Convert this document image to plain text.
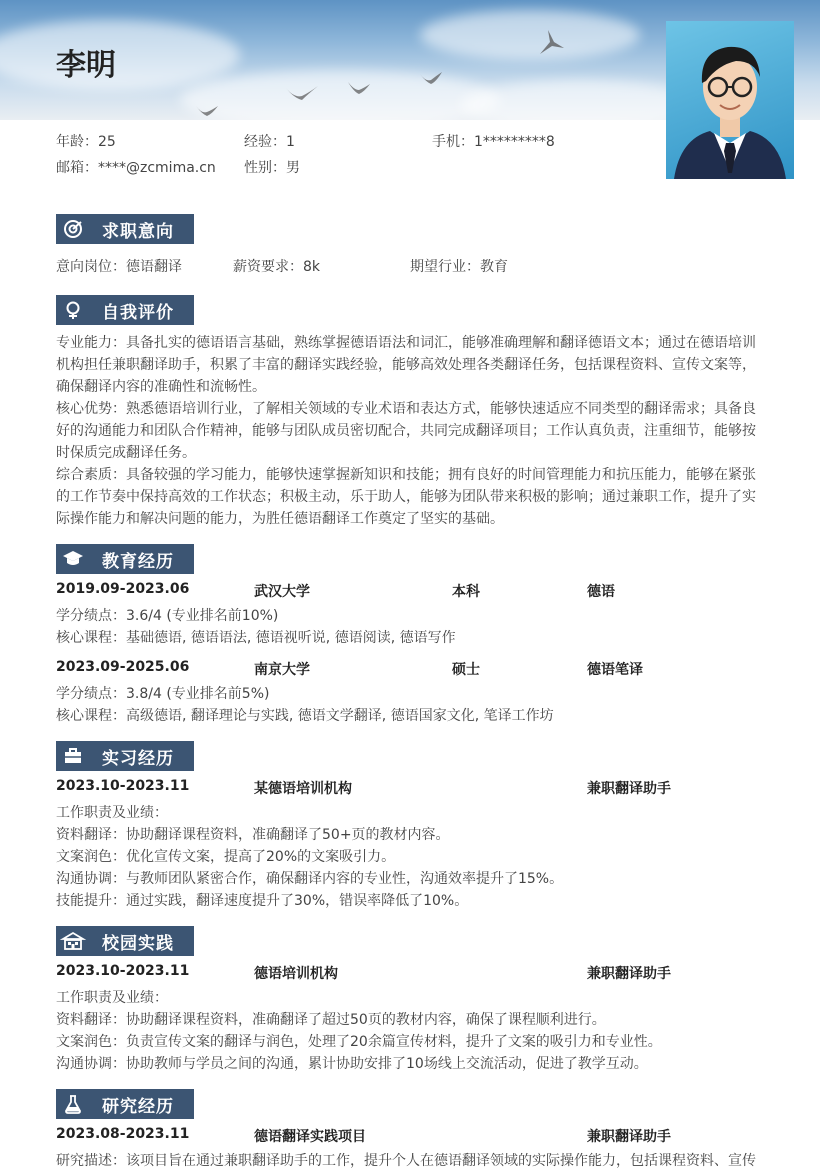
李明
年龄：25	经验：1	手机：1*********8
邮箱：****@zcmima.cn 性别：男
求职意向
意向岗位：德语翻译	薪资要求：8k	期望行业：教育
自我评价
专业能力：具备扎实的德语语言基础，熟练掌握德语语法和词汇，能够准确理解和翻译德语文本；通过在德语培训机构担任兼职翻译助手，积累了丰富的翻译实践经验，能够高效处理各类翻译任务，包括课程资料、宣传文案等，确保翻译内容的准确性和流畅性。
核心优势：熟悉德语培训行业，了解相关领域的专业术语和表达方式，能够快速适应不同类型的翻译需求；具备良好的沟通能力和团队合作精神，能够与团队成员密切配合，共同完成翻译项目；工作认真负责，注重细节，能够按时保质完成翻译任务。
综合素质：具备较强的学习能力，能够快速掌握新知识和技能；拥有良好的时间管理能力和抗压能力，能够在紧张的工作节奏中保持高效的工作状态；积极主动，乐于助人，能够为团队带来积极的影响；通过兼职工作，提升了实际操作能力和解决问题的能力，为胜任德语翻译工作奠定了坚实的基础。
教育经历
2019.09-2023.06	武汉大学	本科	德语
学分绩点：3.6/4 (专业排名前10%)
核心课程：基础德语, 德语语法, 德语视听说, 德语阅读, 德语写作
2023.09-2025.06	南京大学	硕士	德语笔译
学分绩点：3.8/4 (专业排名前5%)
核心课程：高级德语, 翻译理论与实践, 德语文学翻译, 德语国家文化, 笔译工作坊
实习经历
2023.10-2023.11	某德语培训机构	兼职翻译助手
工作职责及业绩：
资料翻译：协助翻译课程资料，准确翻译了50+页的教材内容。
文案润色：优化宣传文案，提高了20%的文案吸引力。
沟通协调：与教师团队紧密合作，确保翻译内容的专业性，沟通效率提升了15%。
技能提升：通过实践，翻译速度提升了30%，错误率降低了10%。
校园实践
2023.10-2023.11	德语培训机构	兼职翻译助手
工作职责及业绩：
资料翻译：协助翻译课程资料，准确翻译了超过50页的教材内容，确保了课程顺利进行。
文案润色：负责宣传文案的翻译与润色，处理了20余篇宣传材料，提升了文案的吸引力和专业性。
沟通协调：协助教师与学员之间的沟通，累计协助安排了10场线上交流活动，促进了教学互动。
研究经历
2023.08-2023.11	德语翻译实践项目	兼职翻译助手
研究描述：该项目旨在通过兼职翻译助手的工作，提升个人在德语翻译领域的实际操作能力，包括课程资料、宣传
